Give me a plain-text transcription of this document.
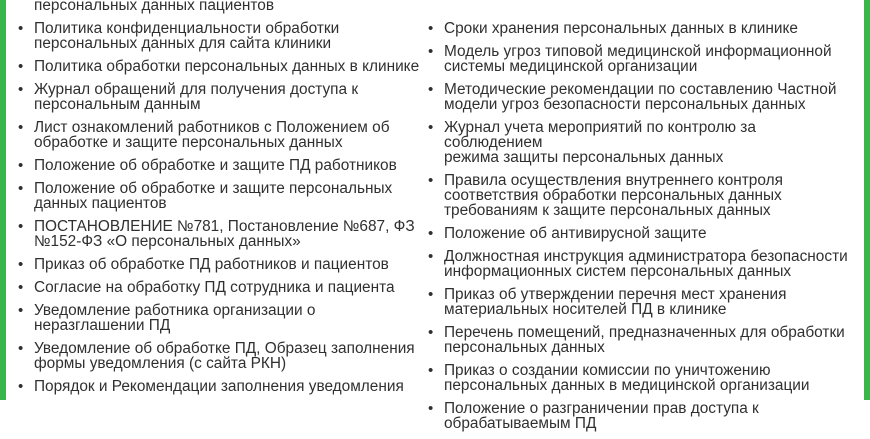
персональных данных пациентов
• Политика конфиденциальности обработки
персональных данных для сайта клиники
• Политика обработки персональных данных в клинике
• Журнал обращений для получения доступа к
персональным данным
• Лист ознакомлений работников с Положением об
обработке и защите персональных данных
• Положение об обработке и защите ПД работников
• Положение об обработке и защите персональных
данных пациентов
• ПОСТАНОВЛЕНИЕ №781, Постановление №687, ФЗ
№152-ФЗ «О персональных данных»
• Приказ об обработке ПД работников и пациентов
• Согласие на обработку ПД сотрудника и пациента
• Уведомление работника организации о
неразглашении ПД
• Уведомление об обработке ПД, Образец заполнения
формы уведомления (с сайта РКН)
• Порядок и Рекомендации заполнения уведомления
• Сроки хранения персональных данных в клинике
• Модель угроз типовой медицинской информационной
системы медицинской организации
• Методические рекомендации по составлению Частной
модели угроз безопасности персональных данных
• Журнал учета мероприятий по контролю за соблюдением
режима защиты персональных данных
• Правила осуществления внутреннего контроля
соответствия обработки персональных данных
требованиям к защите персональных данных
• Положение об антивирусной защите
• Должностная инструкция администратора безопасности
информационных систем персональных данных
• Приказ об утверждении перечня мест хранения
материальных носителей ПД в клинике
• Перечень помещений, предназначенных для обработки
персональных данных
• Приказ о создании комиссии по уничтожению
персональных данных в медицинской организации
• Положение о разграничении прав доступа к
обрабатываемым ПД
